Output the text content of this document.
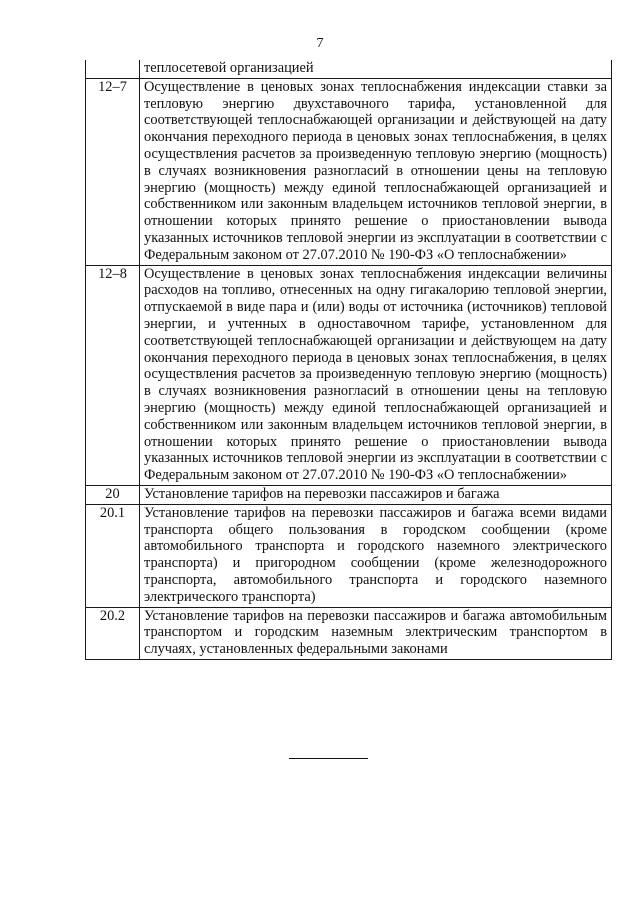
7
	теплосетевой организацией
12–7	Осуществление в ценовых зонах теплоснабжения индексации ставки за тепловую энергию двухставочного тарифа, установленной для соответствующей теплоснабжающей организации и действующей на дату окончания переходного периода в ценовых зонах теплоснабжения, в целях осуществления расчетов за произведенную тепловую энергию (мощность) в случаях возникновения разногласий в отношении цены на тепловую энергию (мощность) между единой теплоснабжающей организацией и собственником или законным владельцем источников тепловой энергии, в отношении которых принято решение о приостановлении вывода указанных источников тепловой энергии из эксплуатации в соответствии с Федеральным законом от 27.07.2010 № 190-ФЗ «О теплоснабжении»
12–8	Осуществление в ценовых зонах теплоснабжения индексации величины расходов на топливо, отнесенных на одну гигакалорию тепловой энергии, отпускаемой в виде пара и (или) воды от источника (источников) тепловой энергии, и учтенных в одноставочном тарифе, установленном для соответствующей теплоснабжающей организации и действующем на дату окончания переходного периода в ценовых зонах теплоснабжения, в целях осуществления расчетов за произведенную тепловую энергию (мощность) в случаях возникновения разногласий в отношении цены на тепловую энергию (мощность) между единой теплоснабжающей организацией и собственником или законным владельцем источников тепловой энергии, в отношении которых принято решение о приостановлении вывода указанных источников тепловой энергии из эксплуатации в соответствии с Федеральным законом от 27.07.2010 № 190-ФЗ «О теплоснабжении»
20	Установление тарифов на перевозки пассажиров и багажа
20.1	Установление тарифов на перевозки пассажиров и багажа всеми видами транспорта общего пользования в городском сообщении (кроме автомобильного транспорта и городского наземного электрического транспорта) и пригородном сообщении (кроме железнодорожного транспорта, автомобильного транспорта и городского наземного электрического транспорта)
20.2	Установление тарифов на перевозки пассажиров и багажа автомобильным транспортом и городским наземным электрическим транспортом в случаях, установленных федеральными законами
